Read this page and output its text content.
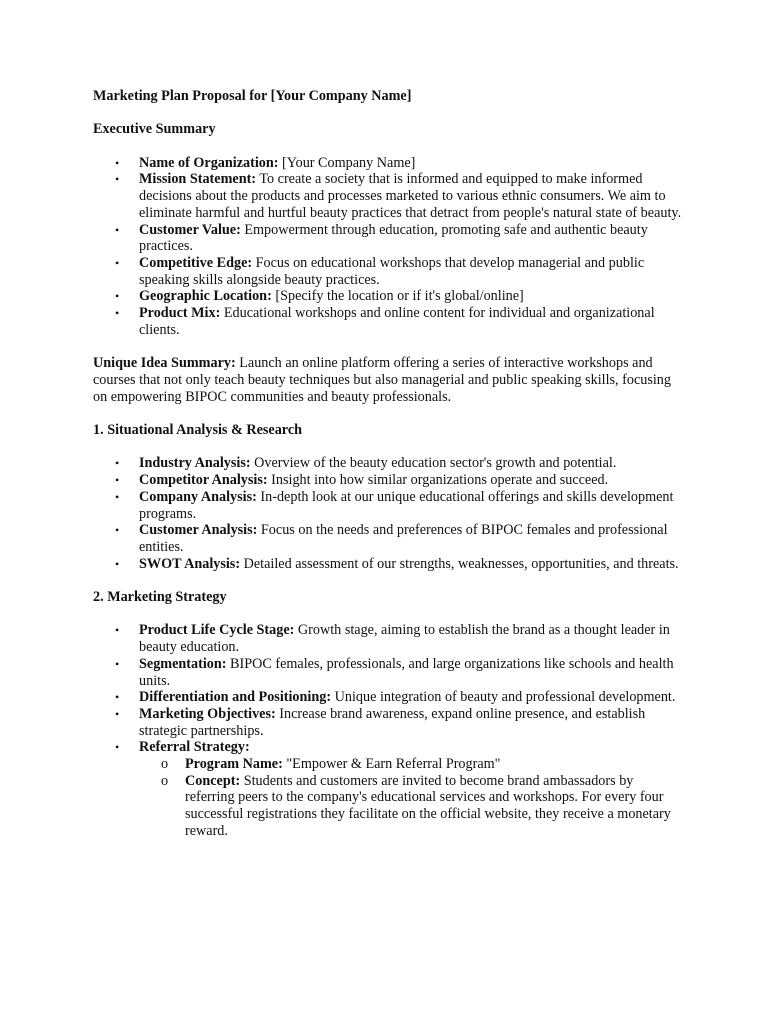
Marketing Plan Proposal for [Your Company Name]

Executive Summary

• Name of Organization: [Your Company Name]
• Mission Statement: To create a society that is informed and equipped to make informed decisions about the products and processes marketed to various ethnic consumers. We aim to eliminate harmful and hurtful beauty practices that detract from people's natural state of beauty.
• Customer Value: Empowerment through education, promoting safe and authentic beauty practices.
• Competitive Edge: Focus on educational workshops that develop managerial and public speaking skills alongside beauty practices.
• Geographic Location: [Specify the location or if it's global/online]
• Product Mix: Educational workshops and online content for individual and organizational clients.

Unique Idea Summary: Launch an online platform offering a series of interactive workshops and courses that not only teach beauty techniques but also managerial and public speaking skills, focusing on empowering BIPOC communities and beauty professionals.

1. Situational Analysis & Research

• Industry Analysis: Overview of the beauty education sector's growth and potential.
• Competitor Analysis: Insight into how similar organizations operate and succeed.
• Company Analysis: In-depth look at our unique educational offerings and skills development programs.
• Customer Analysis: Focus on the needs and preferences of BIPOC females and professional entities.
• SWOT Analysis: Detailed assessment of our strengths, weaknesses, opportunities, and threats.

2. Marketing Strategy

• Product Life Cycle Stage: Growth stage, aiming to establish the brand as a thought leader in beauty education.
• Segmentation: BIPOC females, professionals, and large organizations like schools and health units.
• Differentiation and Positioning: Unique integration of beauty and professional development.
• Marketing Objectives: Increase brand awareness, expand online presence, and establish strategic partnerships.
• Referral Strategy:
o Program Name: "Empower & Earn Referral Program"
o Concept: Students and customers are invited to become brand ambassadors by referring peers to the company's educational services and workshops. For every four successful registrations they facilitate on the official website, they receive a monetary reward.
